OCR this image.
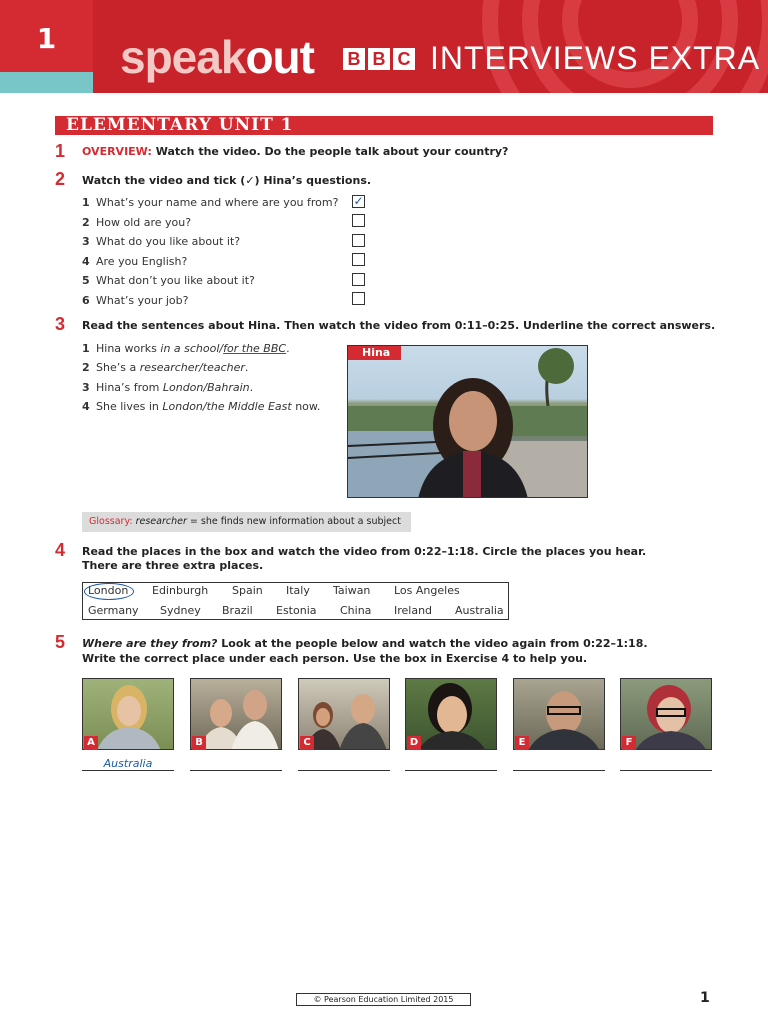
1	speakout B B C INTERVIEWS EXTRA
ELEMENTARY UNIT 1
1 OVERVIEW: Watch the video. Do the people talk about your country?
2 Watch the video and tick (✓) Hina’s questions.
1 What’s your name and where are you from? ✓
2 How old are you?
3 What do you like about it?
4 Are you English?
5 What don’t you like about it?
6 What’s your job?
3 Read the sentences about Hina. Then watch the video from 0:11–0:25. Underline the correct answers.
1 Hina works in a school/for the BBC.
2 She’s a researcher/teacher.
3 Hina’s from London/Bahrain.
4 She lives in London/the Middle East now.
Hina
Glossary: researcher = she finds new information about a subject
4 Read the places in the box and watch the video from 0:22–1:18. Circle the places you hear.
There are three extra places.
London Edinburgh Spain Italy Taiwan Los Angeles
Germany Sydney Brazil Estonia China Ireland Australia
5 Where are they from? Look at the people below and watch the video again from 0:22–1:18.
Write the correct place under each person. Use the box in Exercise 4 to help you.
A	B	C	D	E	F
Australia
© Pearson Education Limited 2015	1
